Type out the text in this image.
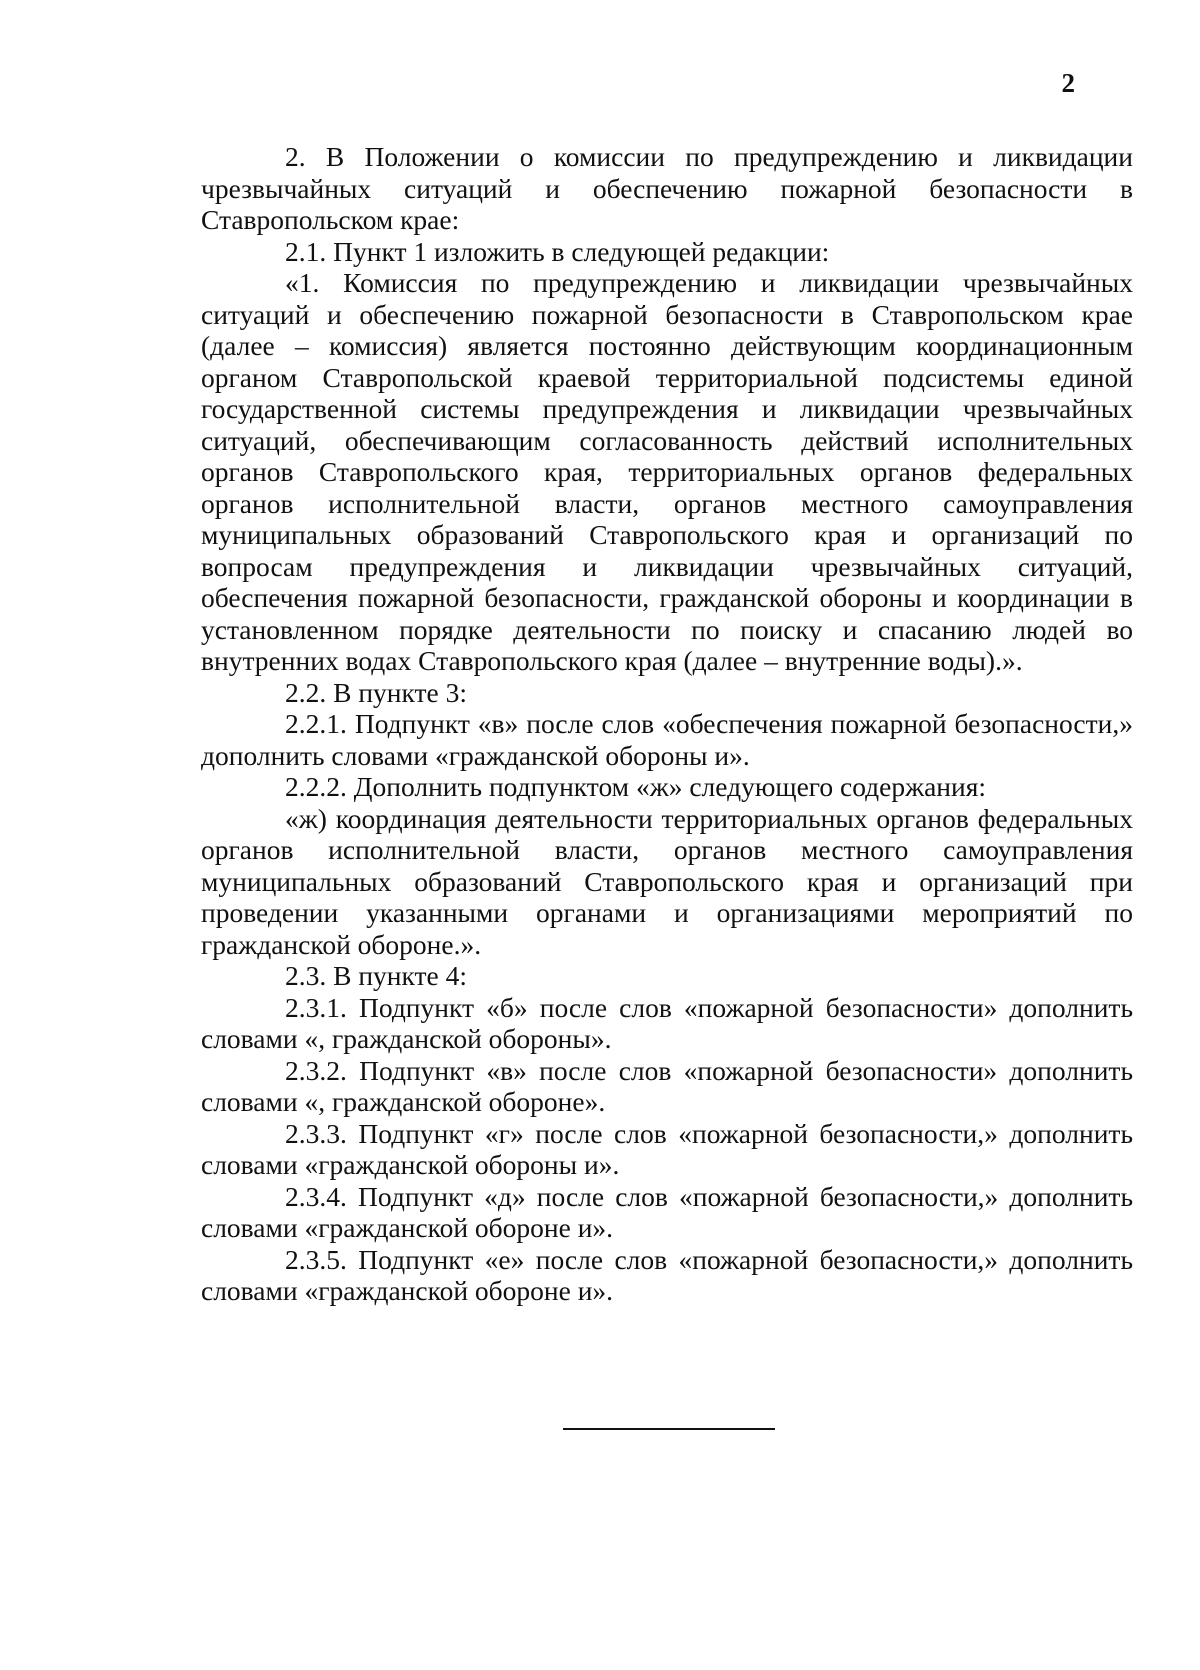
2

2. В Положении о комиссии по предупреждению и ликвидации чрезвычайных ситуаций и обеспечению пожарной безопасности в Ставропольском крае:

2.1. Пункт 1 изложить в следующей редакции:

«1. Комиссия по предупреждению и ликвидации чрезвычайных ситуаций и обеспечению пожарной безопасности в Ставропольском крае (далее – комиссия) является постоянно действующим координационным органом Ставропольской краевой территориальной подсистемы единой государственной системы предупреждения и ликвидации чрезвычайных ситуаций, обеспечивающим согласованность действий исполнительных органов Ставропольского края, территориальных органов федеральных органов исполнительной власти, органов местного самоуправления муниципальных образований Ставропольского края и организаций по вопросам предупреждения и ликвидации чрезвычайных ситуаций, обеспечения пожарной безопасности, гражданской обороны и координации в установленном порядке деятельности по поиску и спасанию людей во внутренних водах Ставропольского края (далее – внутренние воды).».

2.2. В пункте 3:

2.2.1. Подпункт «в» после слов «обеспечения пожарной безопасности,» дополнить словами «гражданской обороны и».

2.2.2. Дополнить подпунктом «ж» следующего содержания:

«ж) координация деятельности территориальных органов федеральных органов исполнительной власти, органов местного самоуправления муниципальных образований Ставропольского края и организаций при проведении указанными органами и организациями мероприятий по гражданской обороне.».

2.3. В пункте 4:

2.3.1. Подпункт «б» после слов «пожарной безопасности» дополнить словами «, гражданской обороны».

2.3.2. Подпункт «в» после слов «пожарной безопасности» дополнить словами «, гражданской обороне».

2.3.3. Подпункт «г» после слов «пожарной безопасности,» дополнить словами «гражданской обороны и».

2.3.4. Подпункт «д» после слов «пожарной безопасности,» дополнить словами «гражданской обороне и».

2.3.5. Подпункт «е» после слов «пожарной безопасности,» дополнить словами «гражданской обороне и».
